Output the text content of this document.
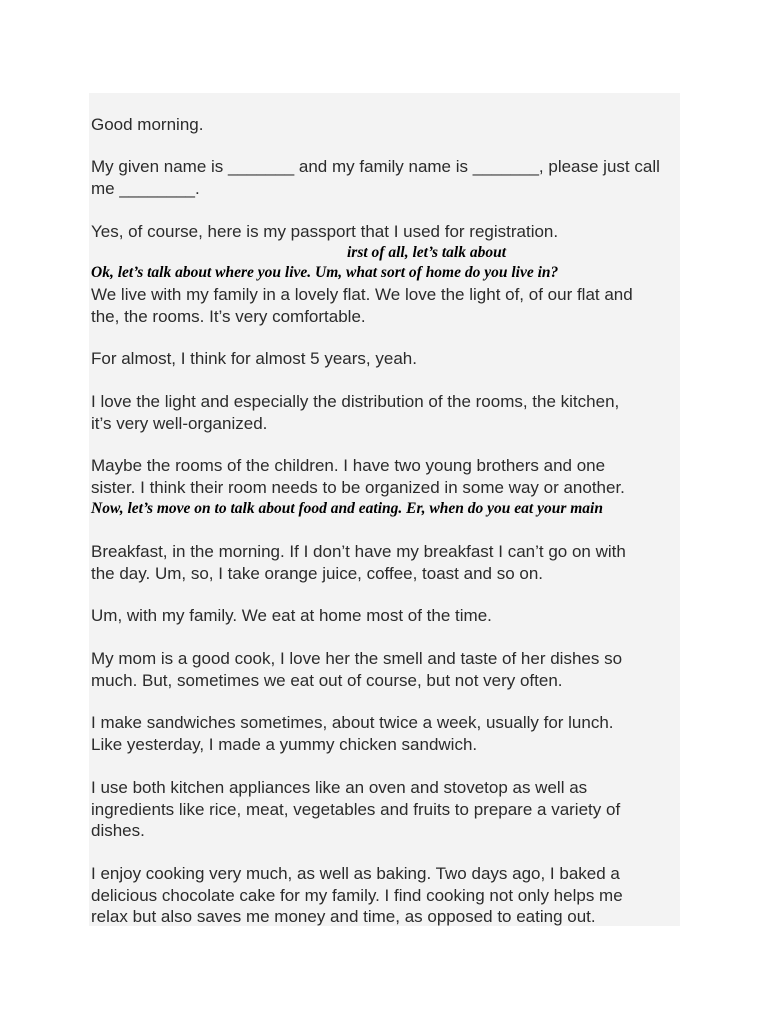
Good morning.

My given name is _______ and my family name is _______, please just call

me ________.

Yes, of course, here is my passport that I used for registration.

irst of all, let’s talk about

Ok, let’s talk about where you live. Um, what sort of home do you live in?

We live with my family in a lovely flat. We love the light of, of our flat and

the, the rooms. It’s very comfortable.

For almost, I think for almost 5 years, yeah.

I love the light and especially the distribution of the rooms, the kitchen,

it’s very well-organized.

Maybe the rooms of the children. I have two young brothers and one

sister. I think their room needs to be organized in some way or another.

Now, let’s move on to talk about food and eating. Er, when do you eat your main

Breakfast, in the morning. If I don’t have my breakfast I can’t go on with

the day. Um, so, I take orange juice, coffee, toast and so on.

Um, with my family. We eat at home most of the time.

My mom is a good cook, I love her the smell and taste of her dishes so

much. But, sometimes we eat out of course, but not very often.

I make sandwiches sometimes, about twice a week, usually for lunch.

Like yesterday, I made a yummy chicken sandwich.

I use both kitchen appliances like an oven and stovetop as well as

ingredients like rice, meat, vegetables and fruits to prepare a variety of

dishes.

I enjoy cooking very much, as well as baking. Two days ago, I baked a

delicious chocolate cake for my family. I find cooking not only helps me

relax but also saves me money and time, as opposed to eating out.
